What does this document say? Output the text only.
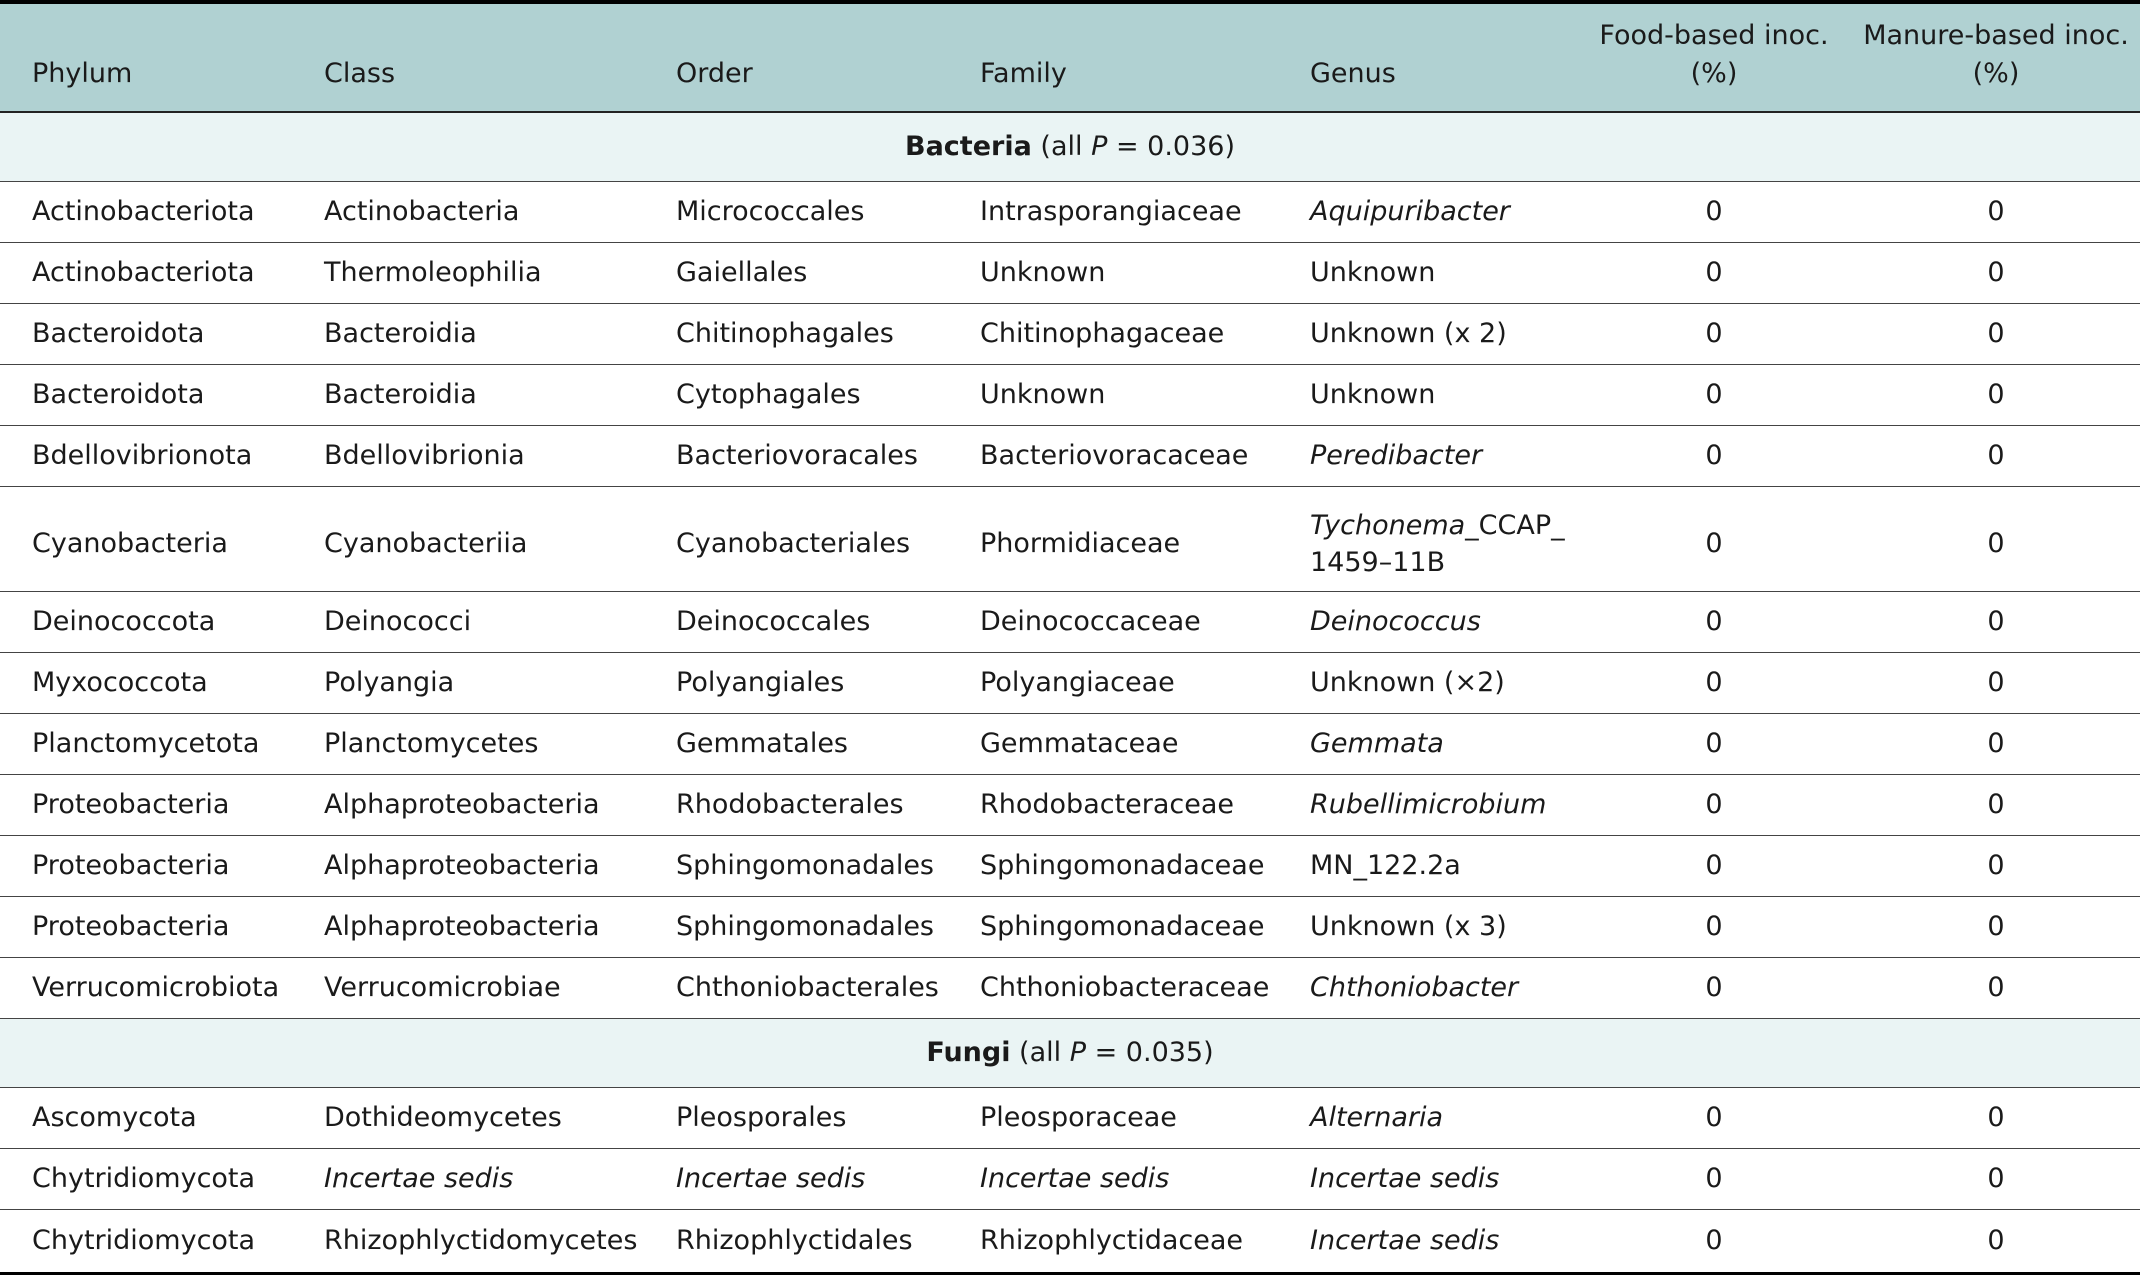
Phylum	Class	Order	Family	Genus	Food-based inoc. (%)	Manure-based inoc. (%)
Bacteria (all P = 0.036)						
Actinobacteriota	Actinobacteria	Micrococcales	Intrasporangiaceae	Aquipuribacter	0	0
Actinobacteriota	Thermoleophilia	Gaiellales	Unknown	Unknown	0	0
Bacteroidota	Bacteroidia	Chitinophagales	Chitinophagaceae	Unknown (x 2)	0	0
Bacteroidota	Bacteroidia	Cytophagales	Unknown	Unknown	0	0
Bdellovibrionota	Bdellovibrionia	Bacteriovoracales	Bacteriovoracaceae	Peredibacter	0	0
Cyanobacteria	Cyanobacteriia	Cyanobacteriales	Phormidiaceae	Tychonema_CCAP_ 1459–11B	0	0
Deinococcota	Deinococci	Deinococcales	Deinococcaceae	Deinococcus	0	0
Myxococcota	Polyangia	Polyangiales	Polyangiaceae	Unknown (×2)	0	0
Planctomycetota	Planctomycetes	Gemmatales	Gemmataceae	Gemmata	0	0
Proteobacteria	Alphaproteobacteria	Rhodobacterales	Rhodobacteraceae	Rubellimicrobium	0	0
Proteobacteria	Alphaproteobacteria	Sphingomonadales	Sphingomonadaceae	MN_122.2a	0	0
Proteobacteria	Alphaproteobacteria	Sphingomonadales	Sphingomonadaceae	Unknown (x 3)	0	0
Verrucomicrobiota	Verrucomicrobiae	Chthoniobacterales	Chthoniobacteraceae	Chthoniobacter	0	0
Fungi (all P = 0.035)						
Ascomycota	Dothideomycetes	Pleosporales	Pleosporaceae	Alternaria	0	0
Chytridiomycota	Incertae sedis	Incertae sedis	Incertae sedis	Incertae sedis	0	0
Chytridiomycota	Rhizophlyctidomycetes	Rhizophlyctidales	Rhizophlyctidaceae	Incertae sedis	0	0
